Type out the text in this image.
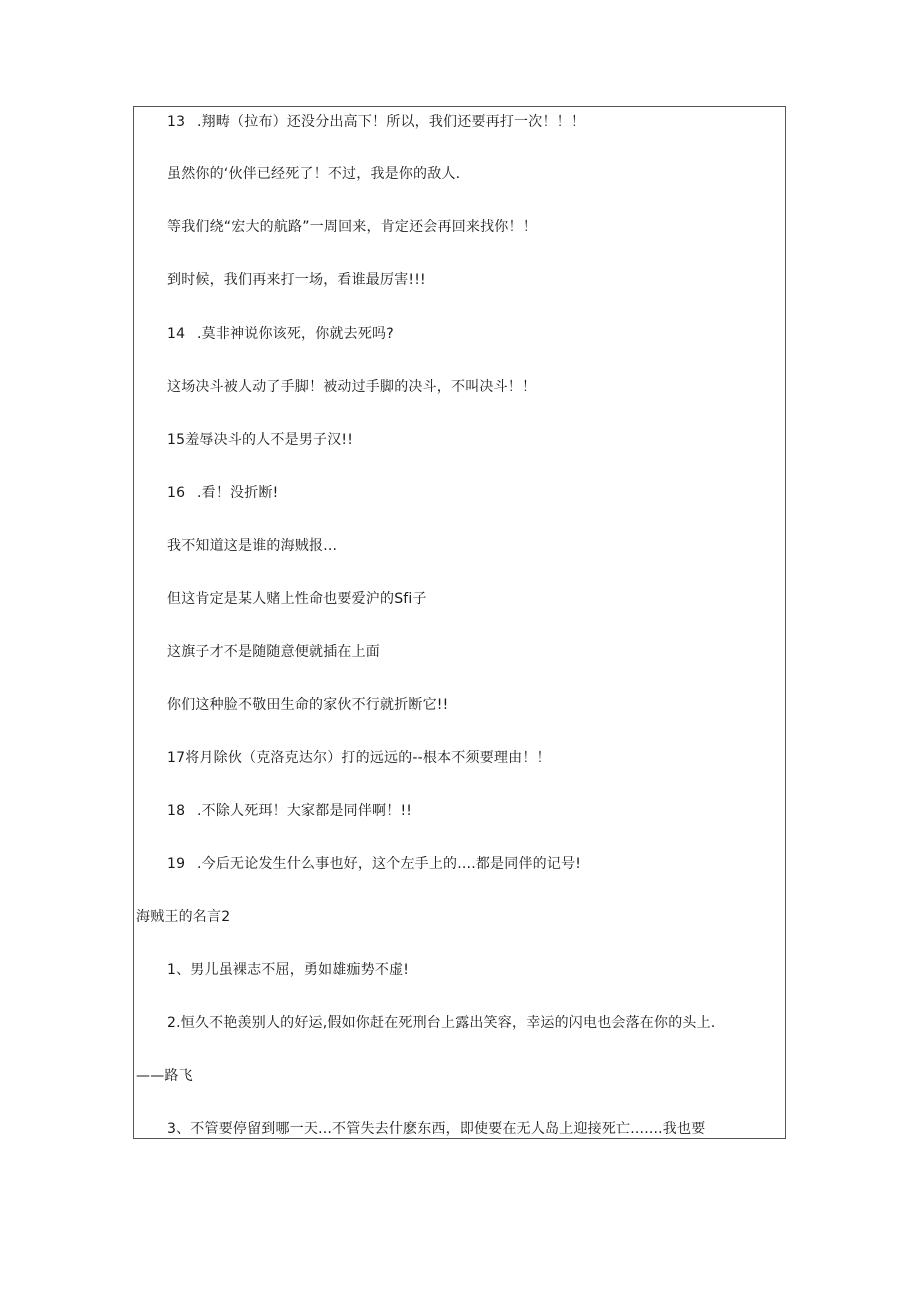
13 .翔畴（拉布）还没分出高下！所以，我们还要再打一次！！！
虽然你的‘伙伴已经死了！不过，我是你的敌人.
等我们绕“宏大的航路”一周回来，肯定还会再回来找你！！
到时候，我们再来打一场，看谁最厉害!!!
14 .莫非神说你该死，你就去死吗?
这场决斗被人动了手脚！被动过手脚的决斗，不叫决斗！！
15羞辱决斗的人不是男子汉!!
16 .看！没折断!
我不知道这是谁的海贼报...
但这肯定是某人赌上性命也要爱沪的Sfi子
这旗子才不是随随意便就插在上面
你们这种脸不敬田生命的家伙不行就折断它!!
17将月除伙（克洛克达尔）打的远远的--根本不须要理由！！
18 .不除人死珥！大家都是同伴啊！!!
19 .今后无论发生什么事也好，这个左手上的....都是同伴的记号!
海贼王的名言2
1、男儿虽裸志不屈，勇如雄痂势不虚!
2.恒久不艳羡别人的好运,假如你赶在死刑台上露出笑容，幸运的闪电也会落在你的头上.
——路飞
3、不管要停留到哪一天...不管失去什麽东西，即使要在无人岛上迎接死亡.......我也要
